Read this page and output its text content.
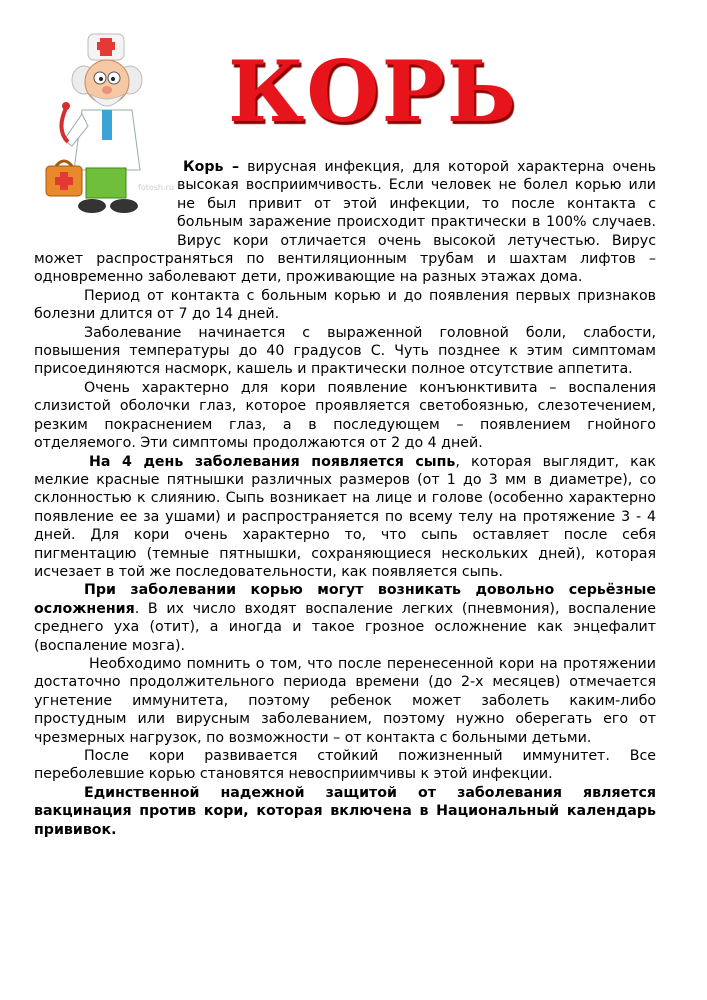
КОРЬ
fotosh.ru

Корь – вирусная инфекция, для которой характерна очень высокая восприимчивость. Если человек не болел корью или не был привит от этой инфекции, то после контакта с больным заражение происходит практически в 100% случаев. Вирус кори отличается очень высокой летучестью. Вирус может распространяться по вентиляционным трубам и шахтам лифтов – одновременно заболевают дети, проживающие на разных этажах дома.

Период от контакта с больным корью и до появления первых признаков болезни длится от 7 до 14 дней.

Заболевание начинается с выраженной головной боли, слабости, повышения температуры до 40 градусов С. Чуть позднее к этим симптомам присоединяются насморк, кашель и практически полное отсутствие аппетита.

Очень характерно для кори появление конъюнктивита – воспаления слизистой оболочки глаз, которое проявляется светобоязнью, слезотечением, резким покраснением глаз, а в последующем – появлением гнойного отделяемого. Эти симптомы продолжаются от 2 до 4 дней.

На 4 день заболевания появляется сыпь, которая выглядит, как мелкие красные пятнышки различных размеров (от 1 до 3 мм в диаметре), со склонностью к слиянию. Сыпь возникает на лице и голове (особенно характерно появление ее за ушами) и распространяется по всему телу на протяжение 3 - 4 дней. Для кори очень характерно то, что сыпь оставляет после себя пигментацию (темные пятнышки, сохраняющиеся нескольких дней), которая исчезает в той же последовательности, как появляется сыпь.

При заболевании корью могут возникать довольно серьёзные осложнения. В их число входят воспаление легких (пневмония), воспаление среднего уха (отит), а иногда и такое грозное осложнение как энцефалит (воспаление мозга).

Необходимо помнить о том, что после перенесенной кори на протяжении достаточно продолжительного периода времени (до 2-х месяцев) отмечается угнетение иммунитета, поэтому ребенок может заболеть каким-либо простудным или вирусным заболеванием, поэтому нужно оберегать его от чрезмерных нагрузок, по возможности – от контакта с больными детьми.

После кори развивается стойкий пожизненный иммунитет. Все переболевшие корью становятся невосприимчивы к этой инфекции.

Единственной надежной защитой от заболевания является вакцинация против кори, которая включена в Национальный календарь прививок.
